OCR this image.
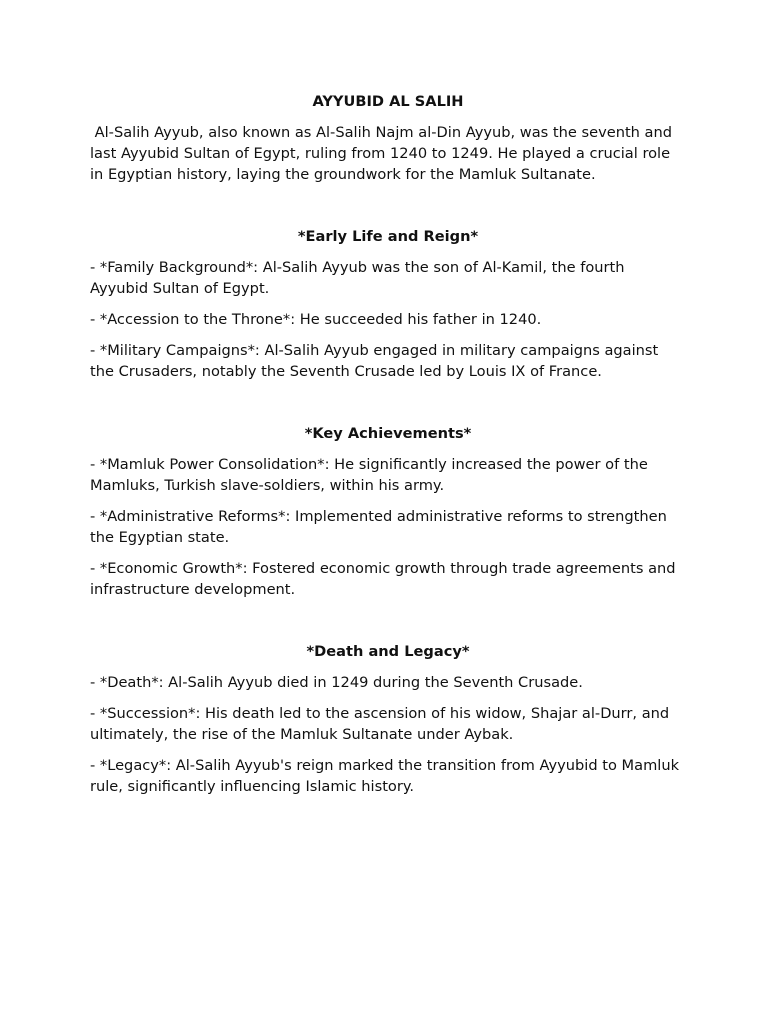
AYYUBID AL SALIH
Al-Salih Ayyub, also known as Al-Salih Najm al-Din Ayyub, was the seventh and last Ayyubid Sultan of Egypt, ruling from 1240 to 1249. He played a crucial role in Egyptian history, laying the groundwork for the Mamluk Sultanate.
*Early Life and Reign*
- *Family Background*: Al-Salih Ayyub was the son of Al-Kamil, the fourth Ayyubid Sultan of Egypt.
- *Accession to the Throne*: He succeeded his father in 1240.
- *Military Campaigns*: Al-Salih Ayyub engaged in military campaigns against the Crusaders, notably the Seventh Crusade led by Louis IX of France.
*Key Achievements*
- *Mamluk Power Consolidation*: He significantly increased the power of the Mamluks, Turkish slave-soldiers, within his army.
- *Administrative Reforms*: Implemented administrative reforms to strengthen the Egyptian state.
- *Economic Growth*: Fostered economic growth through trade agreements and infrastructure development.
*Death and Legacy*
- *Death*: Al-Salih Ayyub died in 1249 during the Seventh Crusade.
- *Succession*: His death led to the ascension of his widow, Shajar al-Durr, and ultimately, the rise of the Mamluk Sultanate under Aybak.
- *Legacy*: Al-Salih Ayyub's reign marked the transition from Ayyubid to Mamluk rule, significantly influencing Islamic history.
